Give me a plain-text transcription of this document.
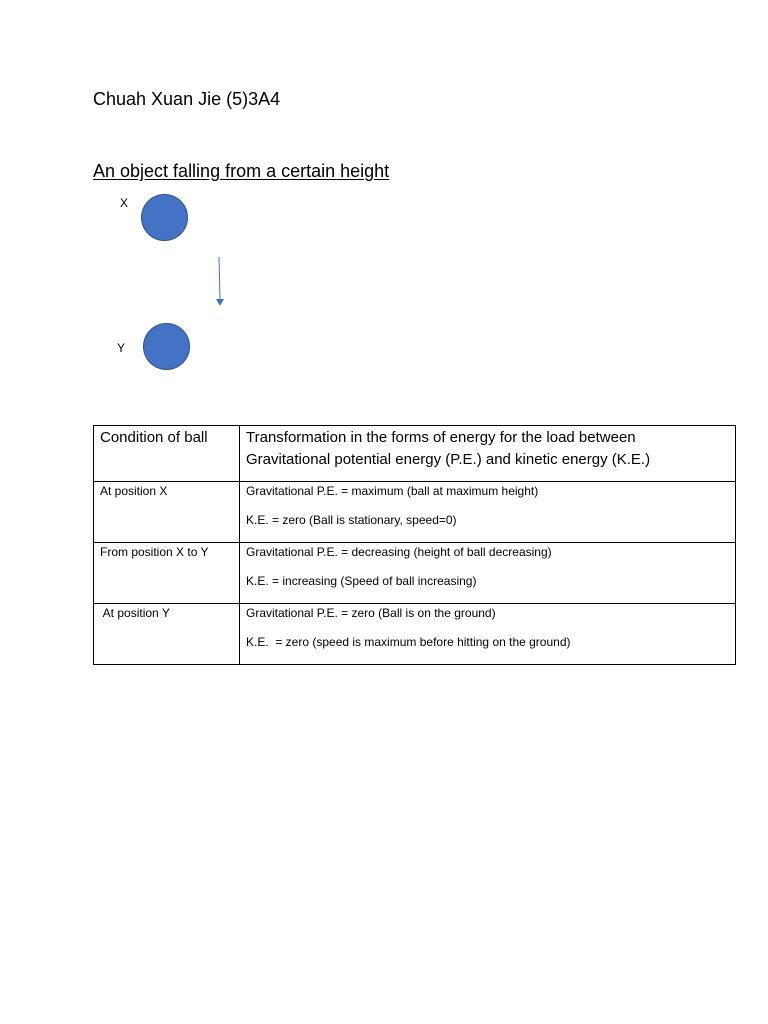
Chuah Xuan Jie (5)3A4
An object falling from a certain height
X
Y
Condition of ball	Transformation in the forms of energy for the load between
Gravitational potential energy (P.E.) and kinetic energy (K.E.)

At position X	Gravitational P.E. = maximum (ball at maximum height)
K.E. = zero (Ball is stationary, speed=0)

From position X to Y	Gravitational P.E. = decreasing (height of ball decreasing)
K.E. = increasing (Speed of ball increasing)

At position Y	Gravitational P.E. = zero (Ball is on the ground)
K.E.  = zero (speed is maximum before hitting on the ground)
